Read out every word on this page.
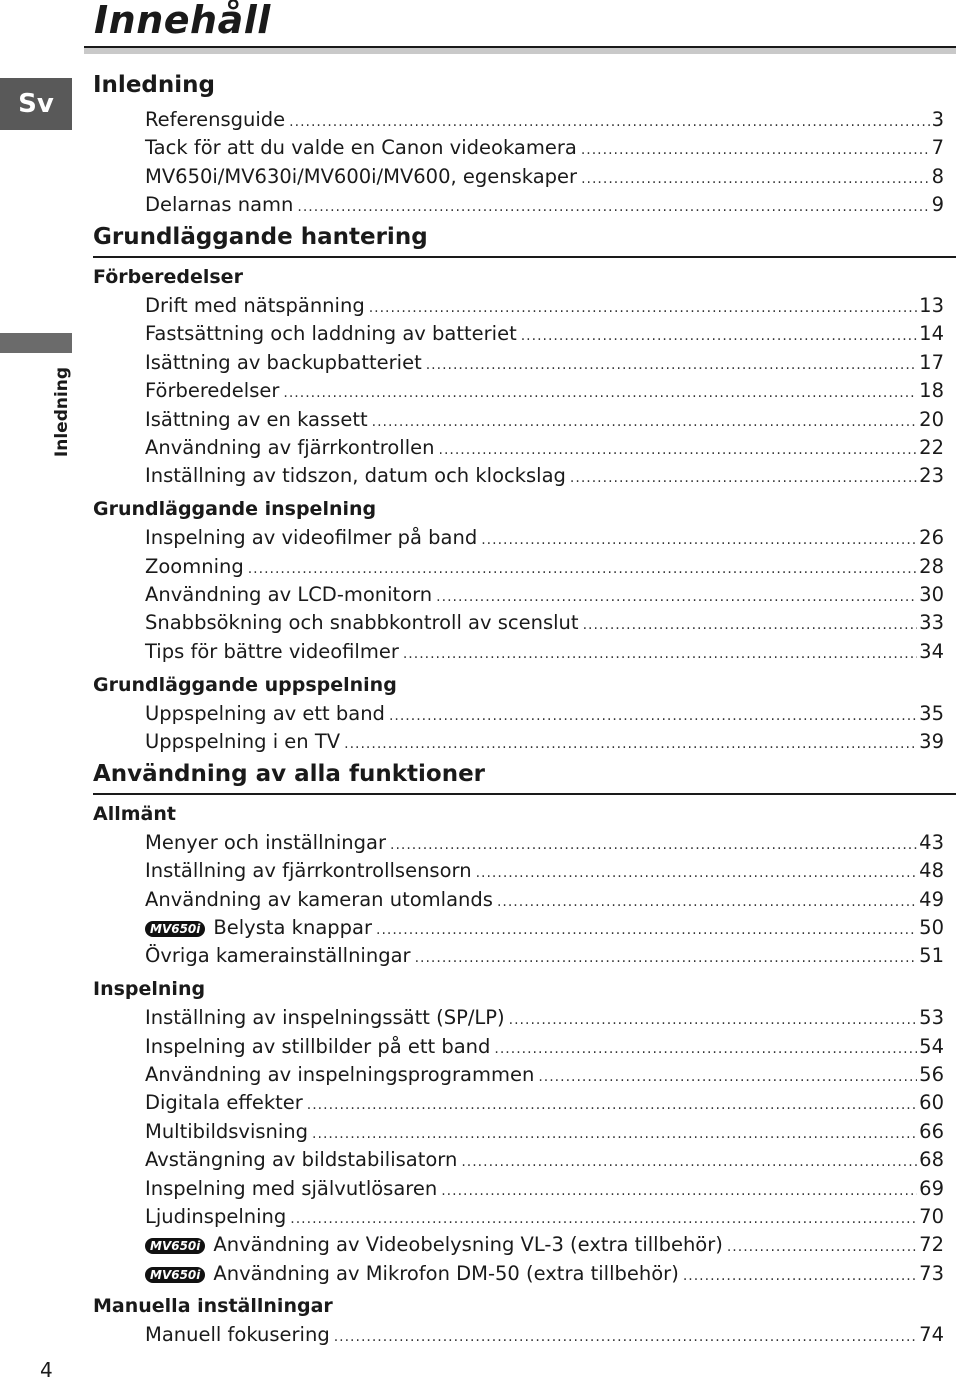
Innehåll
Sv
Inledning
Inledning
Referensguide .....	3
Tack för att du valde en Canon videokamera .....	7
MV650i/MV630i/MV600i/MV600, egenskaper .....	8
Delarnas namn .....	9
Grundläggande hantering
Förberedelser
Drift med nätspänning .....	13
Fastsättning och laddning av batteriet .....	14
Isättning av backupbatteriet .....	17
Förberedelser .....	18
Isättning av en kassett .....	20
Användning av fjärrkontrollen .....	22
Inställning av tidszon, datum och klockslag .....	23
Grundläggande inspelning
Inspelning av videofilmer på band .....	26
Zoomning .....	28
Användning av LCD-monitorn .....	30
Snabbsökning och snabbkontroll av scenslut .....	33
Tips för bättre videofilmer .....	34
Grundläggande uppspelning
Uppspelning av ett band .....	35
Uppspelning i en TV .....	39
Användning av alla funktioner
Allmänt
Menyer och inställningar .....	43
Inställning av fjärrkontrollsensorn .....	48
Användning av kameran utomlands .....	49
MV650i Belysta knappar .....	50
Övriga kamerainställningar .....	51
Inspelning
Inställning av inspelningssätt (SP/LP) .....	53
Inspelning av stillbilder på ett band .....	54
Användning av inspelningsprogrammen .....	56
Digitala effekter .....	60
Multibildsvisning .....	66
Avstängning av bildstabilisatorn .....	68
Inspelning med självutlösaren .....	69
Ljudinspelning .....	70
MV650i Användning av Videobelysning VL-3 (extra tillbehör) .....	72
MV650i Användning av Mikrofon DM-50 (extra tillbehör) .....	73
Manuella inställningar
Manuell fokusering .....	74
4
